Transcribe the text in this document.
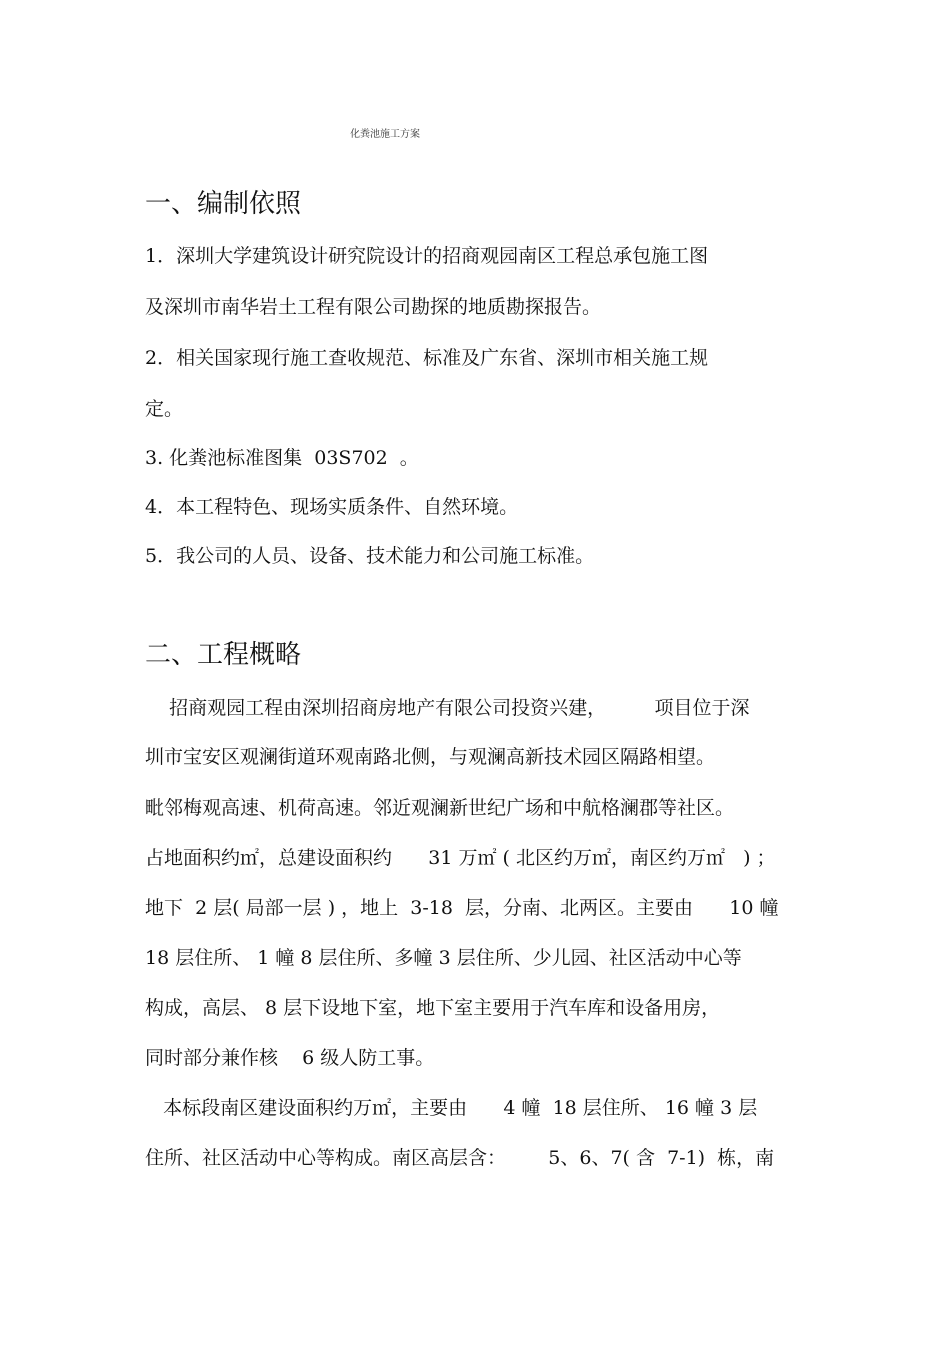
化粪池施工方案
一、编制依照
1．深圳大学建筑设计研究院设计的招商观园南区工程总承包施工图
及深圳市南华岩土工程有限公司勘探的地质勘探报告。
2．相关国家现行施工查收规范、标准及广东省、深圳市相关施工规
定。
3. 化粪池标准图集  03S702  。
4．本工程特色、现场实质条件、自然环境。
5．我公司的人员、设备、技术能力和公司施工标准。
二、工程概略
招商观园工程由深圳招商房地产有限公司投资兴建，        项目位于深
圳市宝安区观澜街道环观南路北侧，与观澜高新技术园区隔路相望。
毗邻梅观高速、机荷高速。邻近观澜新世纪广场和中航格澜郡等社区。
占地面积约㎡，总建设面积约      31 万㎡ ( 北区约万㎡，南区约万㎡   ) ；
地下  2 层( 局部一层 ) ，地上  3-18  层，分南、北两区。主要由      10 幢
18 层住所、 1 幢 8 层住所、多幢 3 层住所、少儿园、社区活动中心等
构成，高层、 8 层下设地下室，地下室主要用于汽车库和设备用房，
同时部分兼作核    6 级人防工事。
本标段南区建设面积约万㎡，主要由      4 幢  18 层住所、 16 幢 3 层
住所、社区活动中心等构成。南区高层含：       5、6、7( 含  7-1)  栋，南
